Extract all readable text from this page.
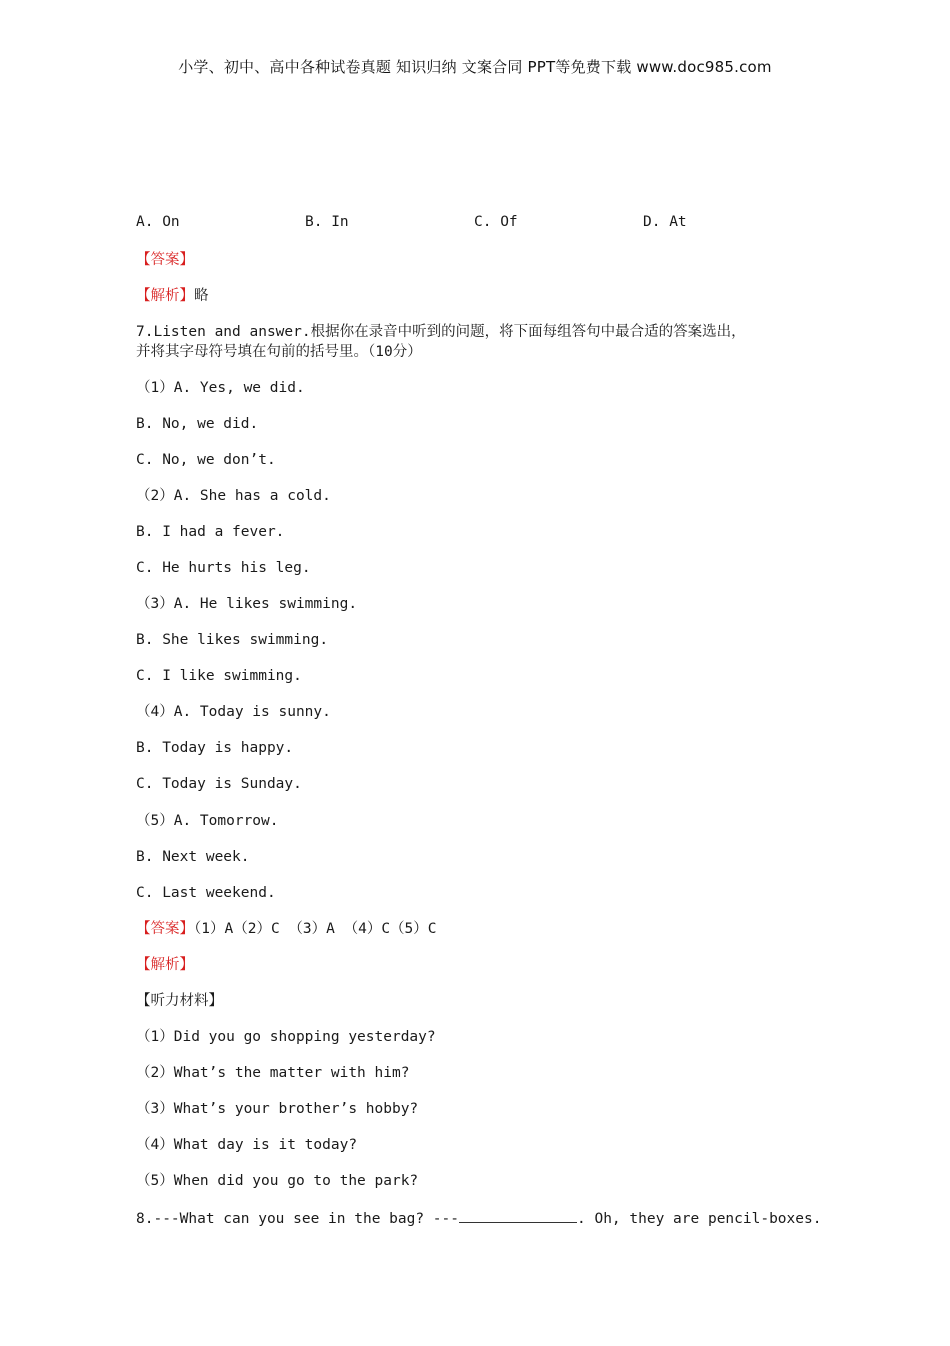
小学、初中、高中各种试卷真题 知识归纳 文案合同 PPT等免费下载 www.doc985.com
A. On	B. In	C. Of	D. At
【答案】
【解析】略
7.Listen and answer.根据你在录音中听到的问题，将下面每组答句中最合适的答案选出，
并将其字母符号填在句前的括号里。（10分）
（1）A. Yes, we did.
B. No, we did.
C. No, we don’t.
（2）A. She has a cold.
B. I had a fever.
C. He hurts his leg.
（3）A. He likes swimming.
B. She likes swimming.
C. I like swimming.
（4）A. Today is sunny.
B. Today is happy.
C. Today is Sunday.
（5）A. Tomorrow.
B. Next week.
C. Last weekend.
【答案】（1）A（2）C （3）A （4）C（5）C
【解析】
【听力材料】
（1）Did you go shopping yesterday?
（2）What’s the matter with him?
（3）What’s your brother’s hobby?
（4）What day is it today?
（5）When did you go to the park?
8.---What can you see in the bag? ---	. Oh, they are pencil-boxes.
